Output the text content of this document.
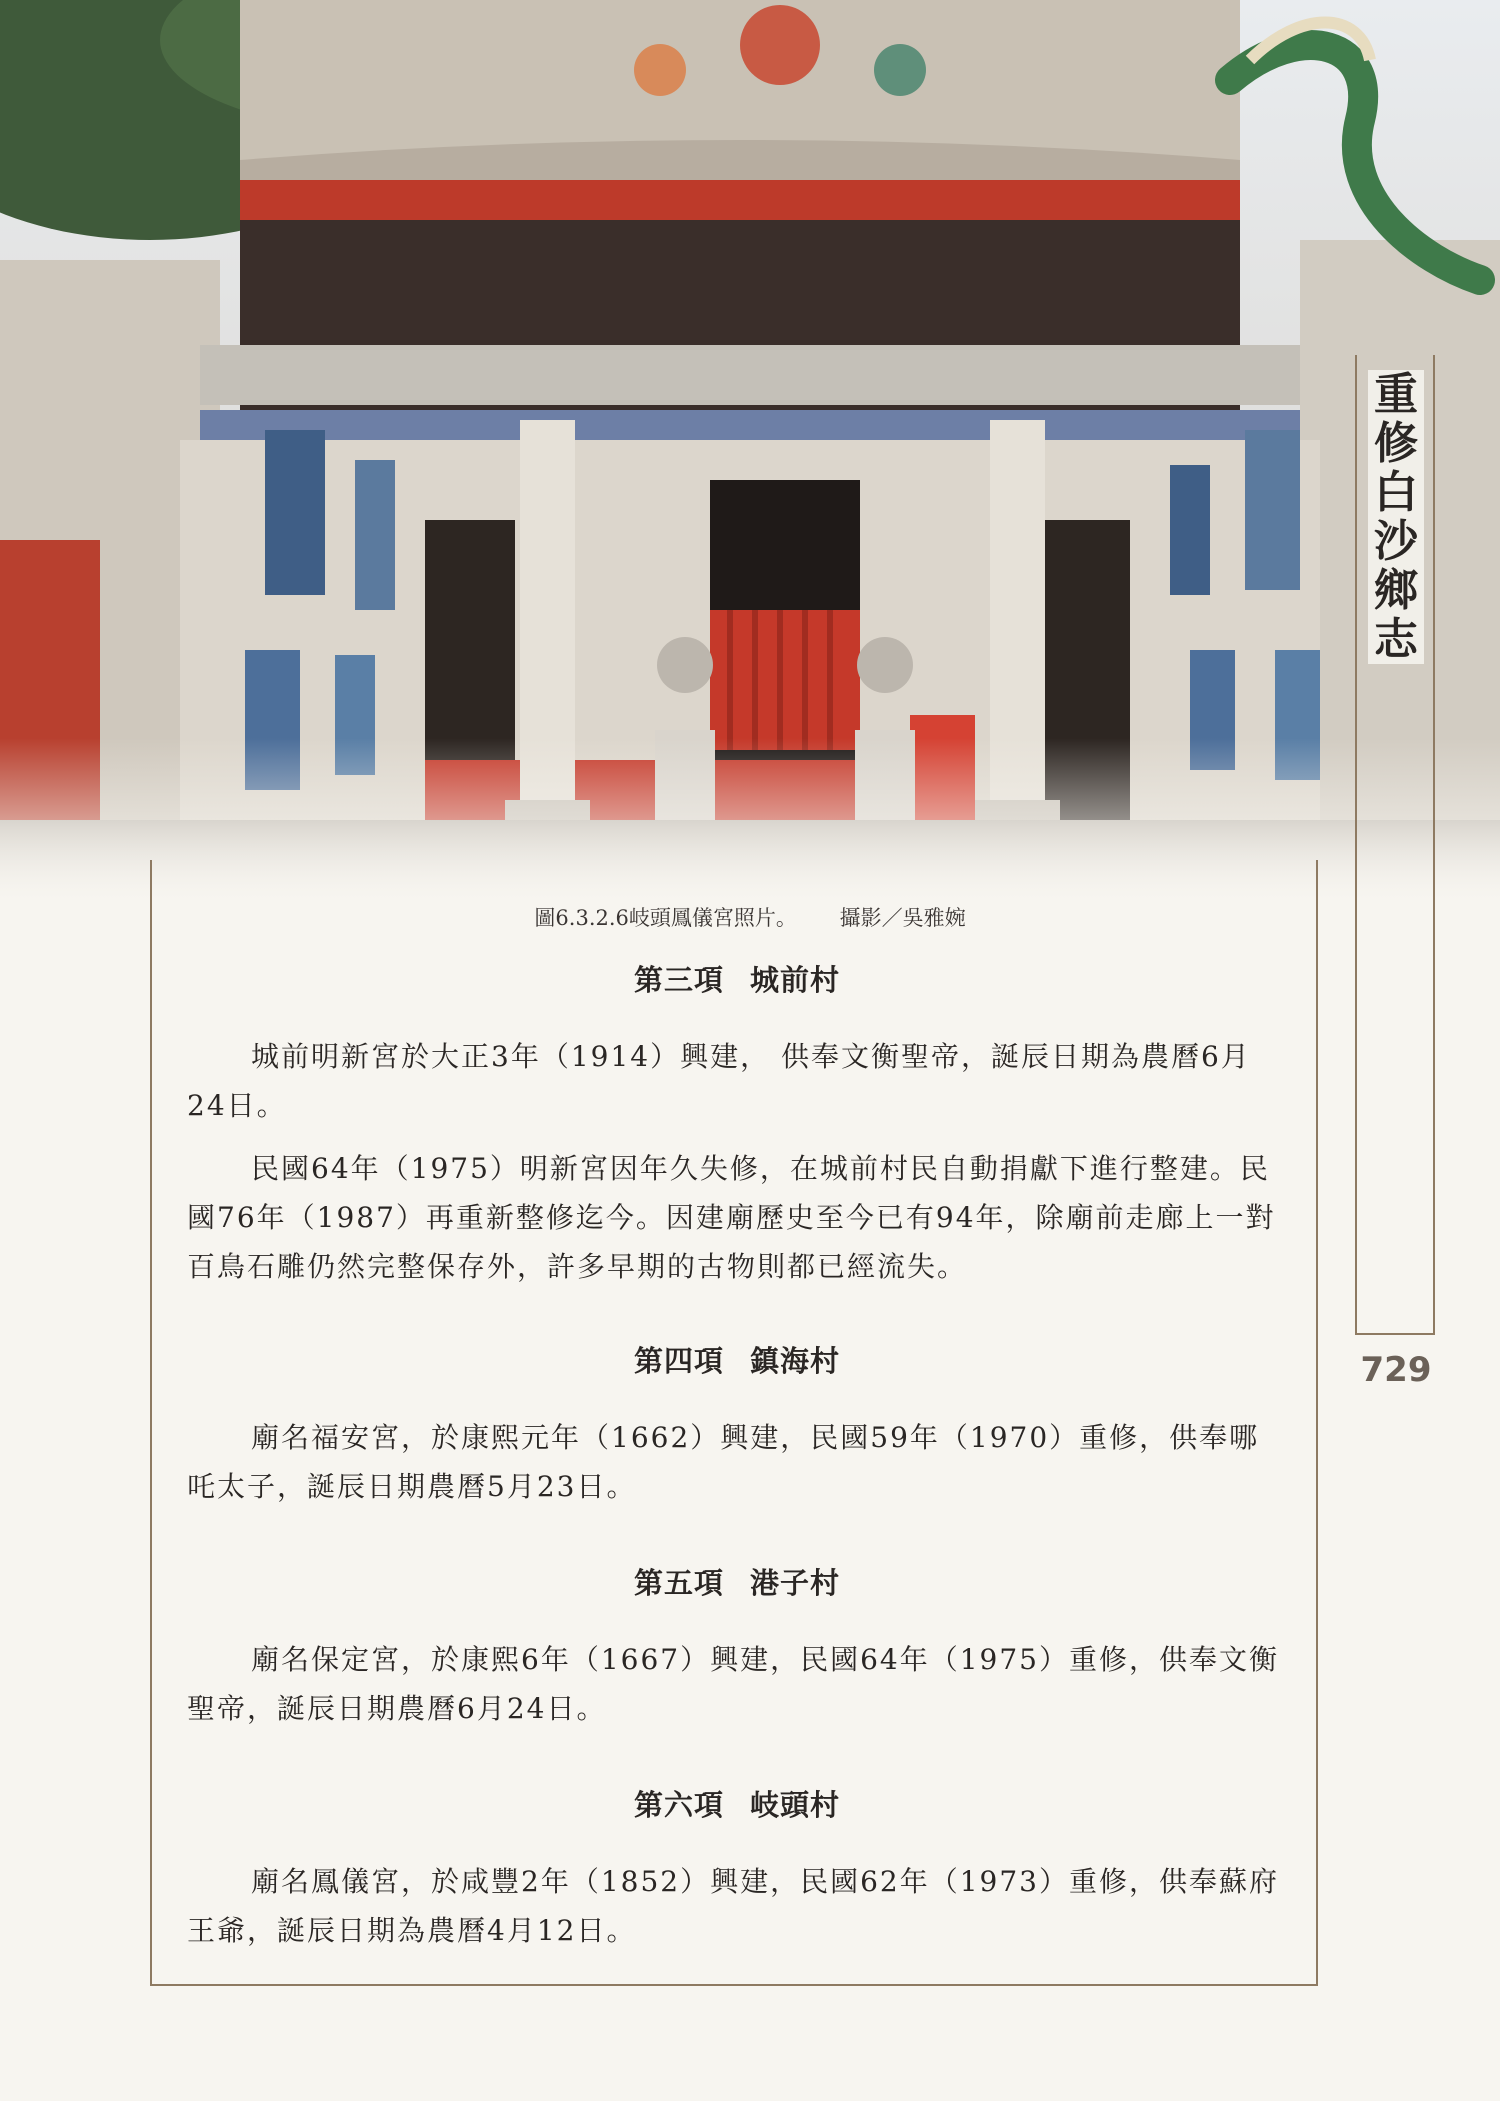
重
修
白
沙
鄉
志
729
圖6.3.2.6岐頭鳳儀宮照片。 攝影／吳雅婉
第三項 城前村

城前明新宮於大正3年（1914）興建， 供奉文衡聖帝，誕辰日期為農曆6月24日。

民國64年（1975）明新宮因年久失修，在城前村民自動捐獻下進行整建。民國76年（1987）再重新整修迄今。因建廟歷史至今已有94年，除廟前走廊上一對百鳥石雕仍然完整保存外，許多早期的古物則都已經流失。

第四項 鎮海村

廟名福安宮，於康熙元年（1662）興建，民國59年（1970）重修，供奉哪吒太子，誕辰日期農曆5月23日。

第五項 港子村

廟名保定宮，於康熙6年（1667）興建，民國64年（1975）重修，供奉文衡聖帝，誕辰日期農曆6月24日。

第六項 岐頭村

廟名鳳儀宮，於咸豐2年（1852）興建，民國62年（1973）重修，供奉蘇府王爺，誕辰日期為農曆4月12日。
